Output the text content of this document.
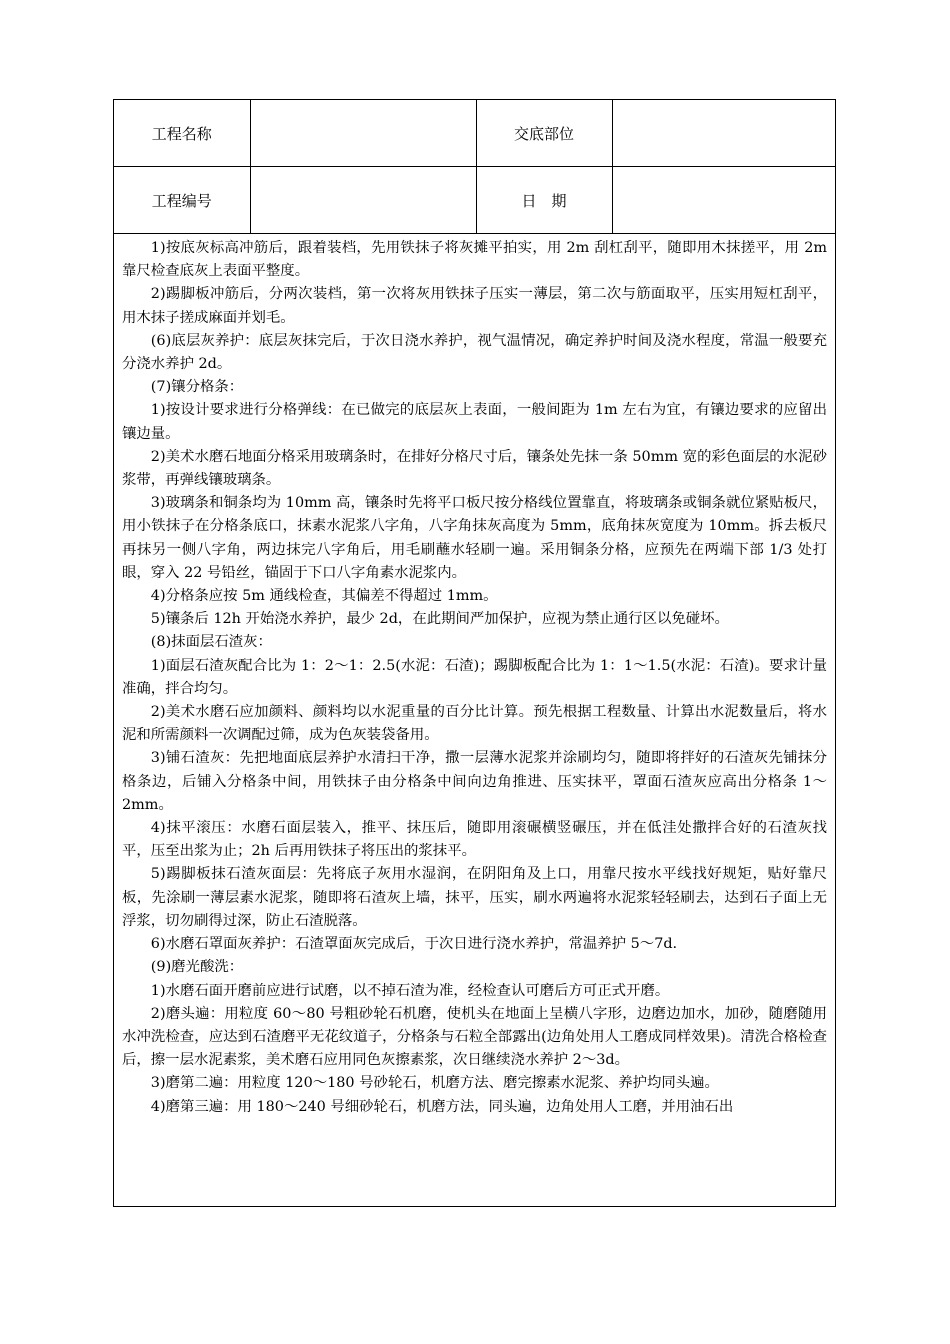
工程名称		交底部位	
工程编号		日　期	

1)按底灰标高冲筋后，跟着装档，先用铁抹子将灰摊平拍实，用 2m 刮杠刮平，随即用木抹搓平，用 2m 靠尺检查底灰上表面平整度。

2)踢脚板冲筋后，分两次装档，第一次将灰用铁抹子压实一薄层，第二次与筋面取平，压实用短杠刮平，用木抹子搓成麻面并划毛。

(6)底层灰养护：底层灰抹完后，于次日浇水养护，视气温情况，确定养护时间及浇水程度，常温一般要充分浇水养护 2d。

(7)镶分格条：

1)按设计要求进行分格弹线：在已做完的底层灰上表面，一般间距为 1m 左右为宜，有镶边要求的应留出镶边量。

2)美术水磨石地面分格采用玻璃条时，在排好分格尺寸后，镶条处先抹一条 50mm 宽的彩色面层的水泥砂浆带，再弹线镶玻璃条。

3)玻璃条和铜条均为 10mm 高，镶条时先将平口板尺按分格线位置靠直，将玻璃条或铜条就位紧贴板尺，用小铁抹子在分格条底口，抹素水泥浆八字角，八字角抹灰高度为 5mm，底角抹灰宽度为 10mm。拆去板尺再抹另一侧八字角，两边抹完八字角后，用毛刷蘸水轻刷一遍。采用铜条分格，应预先在两端下部 1/3 处打眼，穿入 22 号铅丝，锚固于下口八字角素水泥浆内。

4)分格条应按 5m 通线检查，其偏差不得超过 1mm。

5)镶条后 12h 开始浇水养护，最少 2d，在此期间严加保护，应视为禁止通行区以免碰坏。

(8)抹面层石渣灰：

1)面层石渣灰配合比为 1：2～1：2.5(水泥：石渣)；踢脚板配合比为 1：1～1.5(水泥：石渣)。要求计量准确，拌合均匀。

2)美术水磨石应加颜料、颜料均以水泥重量的百分比计算。预先根据工程数量、计算出水泥数量后，将水泥和所需颜料一次调配过筛，成为色灰装袋备用。

3)铺石渣灰：先把地面底层养护水清扫干净，撒一层薄水泥浆并涂刷均匀，随即将拌好的石渣灰先铺抹分格条边，后铺入分格条中间，用铁抹子由分格条中间向边角推进、压实抹平，罩面石渣灰应高出分格条 1～2mm。

4)抹平滚压：水磨石面层装入，推平、抹压后，随即用滚碾横竖碾压，并在低洼处撒拌合好的石渣灰找平，压至出浆为止；2h 后再用铁抹子将压出的浆抹平。

5)踢脚板抹石渣灰面层：先将底子灰用水湿润，在阴阳角及上口，用靠尺按水平线找好规矩，贴好靠尺板，先涂刷一薄层素水泥浆，随即将石渣灰上墙，抹平，压实，刷水两遍将水泥浆轻轻刷去，达到石子面上无浮浆，切勿刷得过深，防止石渣脱落。

6)水磨石罩面灰养护：石渣罩面灰完成后，于次日进行浇水养护，常温养护 5～7d.

(9)磨光酸洗：

1)水磨石面开磨前应进行试磨，以不掉石渣为准，经检查认可磨后方可正式开磨。

2)磨头遍：用粒度 60～80 号粗砂轮石机磨，使机头在地面上呈横八字形，边磨边加水，加砂，随磨随用水冲洗检查，应达到石渣磨平无花纹道子，分格条与石粒全部露出(边角处用人工磨成同样效果)。清洗合格检查后，擦一层水泥素浆，美术磨石应用同色灰擦素浆，次日继续浇水养护 2～3d。

3)磨第二遍：用粒度 120～180 号砂轮石，机磨方法、磨完擦素水泥浆、养护均同头遍。

4)磨第三遍：用 180～240 号细砂轮石，机磨方法，同头遍，边角处用人工磨，并用油石出
